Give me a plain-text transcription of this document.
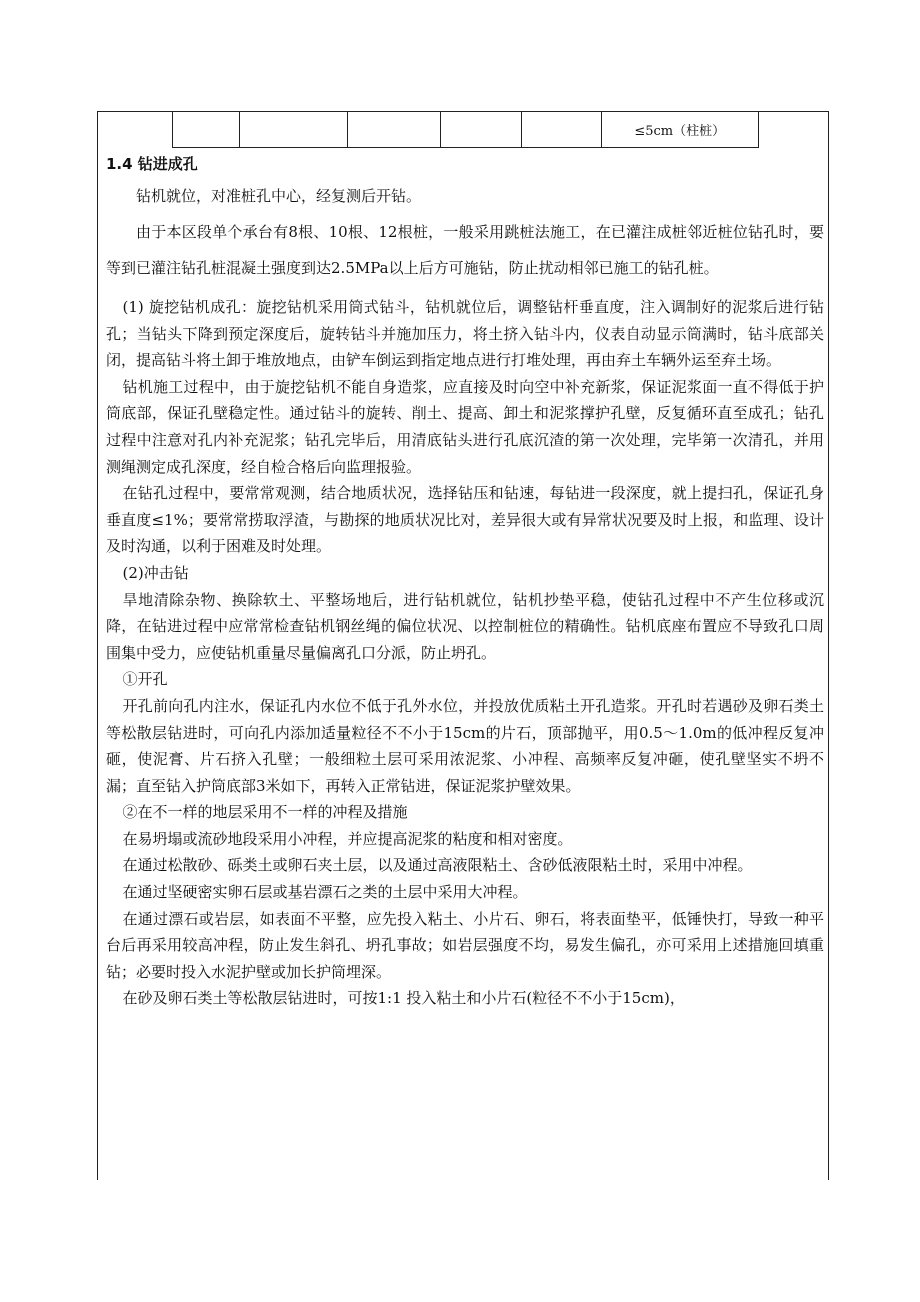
≤5cm（柱桩）
1.4 钻进成孔

钻机就位，对准桩孔中心，经复测后开钻。

由于本区段单个承台有8根、10根、12根桩，一般采用跳桩法施工，在已灌注成桩邻近桩位钻孔时，要等到已灌注钻孔桩混凝土强度到达2.5MPa以上后方可施钻，防止扰动相邻已施工的钻孔桩。

(1) 旋挖钻机成孔：旋挖钻机采用筒式钻斗，钻机就位后，调整钻杆垂直度，注入调制好的泥浆后进行钻孔；当钻头下降到预定深度后，旋转钻斗并施加压力，将土挤入钻斗内，仪表自动显示筒满时，钻斗底部关闭，提高钻斗将土卸于堆放地点，由铲车倒运到指定地点进行打堆处理，再由弃土车辆外运至弃土场。

钻机施工过程中，由于旋挖钻机不能自身造浆，应直接及时向空中补充新浆，保证泥浆面一直不得低于护筒底部，保证孔壁稳定性。通过钻斗的旋转、削土、提高、卸土和泥浆撑护孔壁，反复循环直至成孔；钻孔过程中注意对孔内补充泥浆；钻孔完毕后，用清底钻头进行孔底沉渣的第一次处理，完毕第一次清孔，并用测绳测定成孔深度，经自检合格后向监理报验。

在钻孔过程中，要常常观测，结合地质状况，选择钻压和钻速，每钻进一段深度，就上提扫孔，保证孔身垂直度≤1%；要常常捞取浮渣，与勘探的地质状况比对，差异很大或有异常状况要及时上报，和监理、设计及时沟通，以利于困难及时处理。

(2)冲击钻

旱地清除杂物、换除软土、平整场地后，进行钻机就位，钻机抄垫平稳，使钻孔过程中不产生位移或沉降，在钻进过程中应常常检查钻机钢丝绳的偏位状况、以控制桩位的精确性。钻机底座布置应不导致孔口周围集中受力，应使钻机重量尽量偏离孔口分派，防止坍孔。

①开孔

开孔前向孔内注水，保证孔内水位不低于孔外水位，并投放优质粘土开孔造浆。开孔时若遇砂及卵石类土等松散层钻进时，可向孔内添加适量粒径不不小于15cm的片石，顶部抛平，用0.5～1.0m的低冲程反复冲砸，使泥膏、片石挤入孔壁；一般细粒土层可采用浓泥浆、小冲程、高频率反复冲砸，使孔壁坚实不坍不漏；直至钻入护筒底部3米如下，再转入正常钻进，保证泥浆护壁效果。

②在不一样的地层采用不一样的冲程及措施

在易坍塌或流砂地段采用小冲程，并应提高泥浆的粘度和相对密度。

在通过松散砂、砾类土或卵石夹土层，以及通过高液限粘土、含砂低液限粘土时，采用中冲程。

在通过坚硬密实卵石层或基岩漂石之类的土层中采用大冲程。

在通过漂石或岩层，如表面不平整，应先投入粘土、小片石、卵石，将表面垫平，低锤快打，导致一种平台后再采用较高冲程，防止发生斜孔、坍孔事故；如岩层强度不均，易发生偏孔，亦可采用上述措施回填重钻；必要时投入水泥护壁或加长护筒埋深。

在砂及卵石类土等松散层钻进时，可按1:1 投入粘土和小片石(粒径不不小于15cm)，
